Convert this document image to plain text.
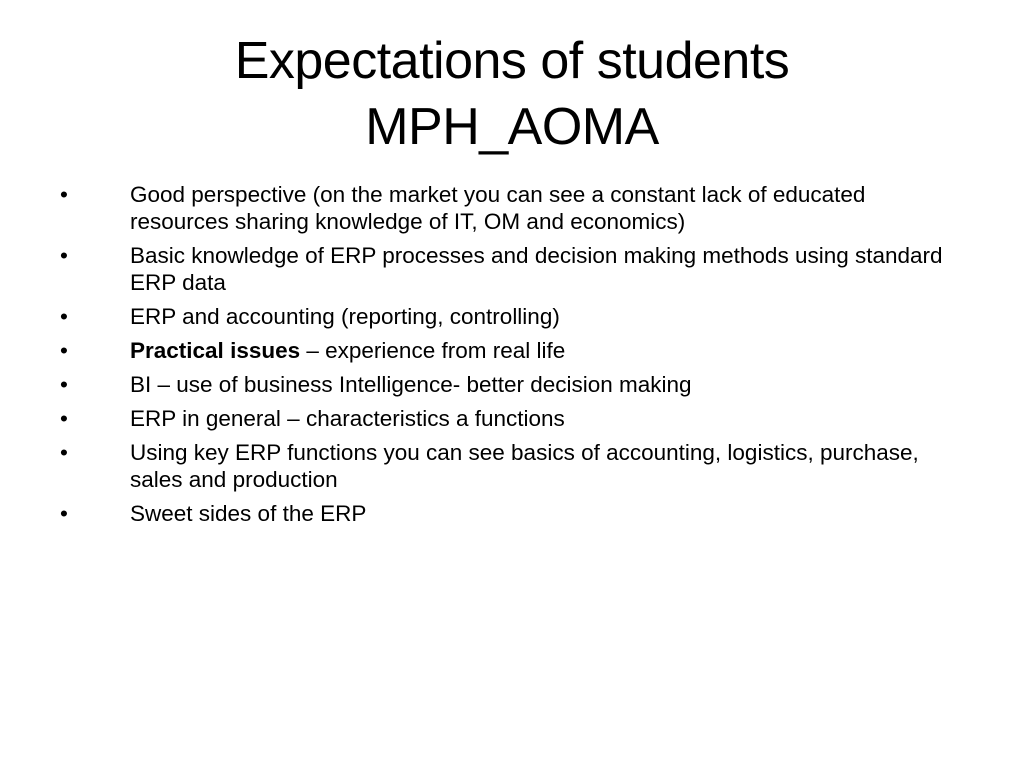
Expectations of students
MPH_AOMA
•	Good perspective (on the market you can see a constant lack of educated resources sharing knowledge of IT, OM and economics)
•	Basic knowledge of ERP processes and decision making methods using standard ERP data
•	ERP and accounting (reporting, controlling)
•	Practical issues – experience from real life
•	BI – use of business Intelligence- better decision making
•	ERP in general – characteristics a functions
•	Using key ERP functions you can see basics of accounting, logistics, purchase, sales and production
•	Sweet sides of the ERP
